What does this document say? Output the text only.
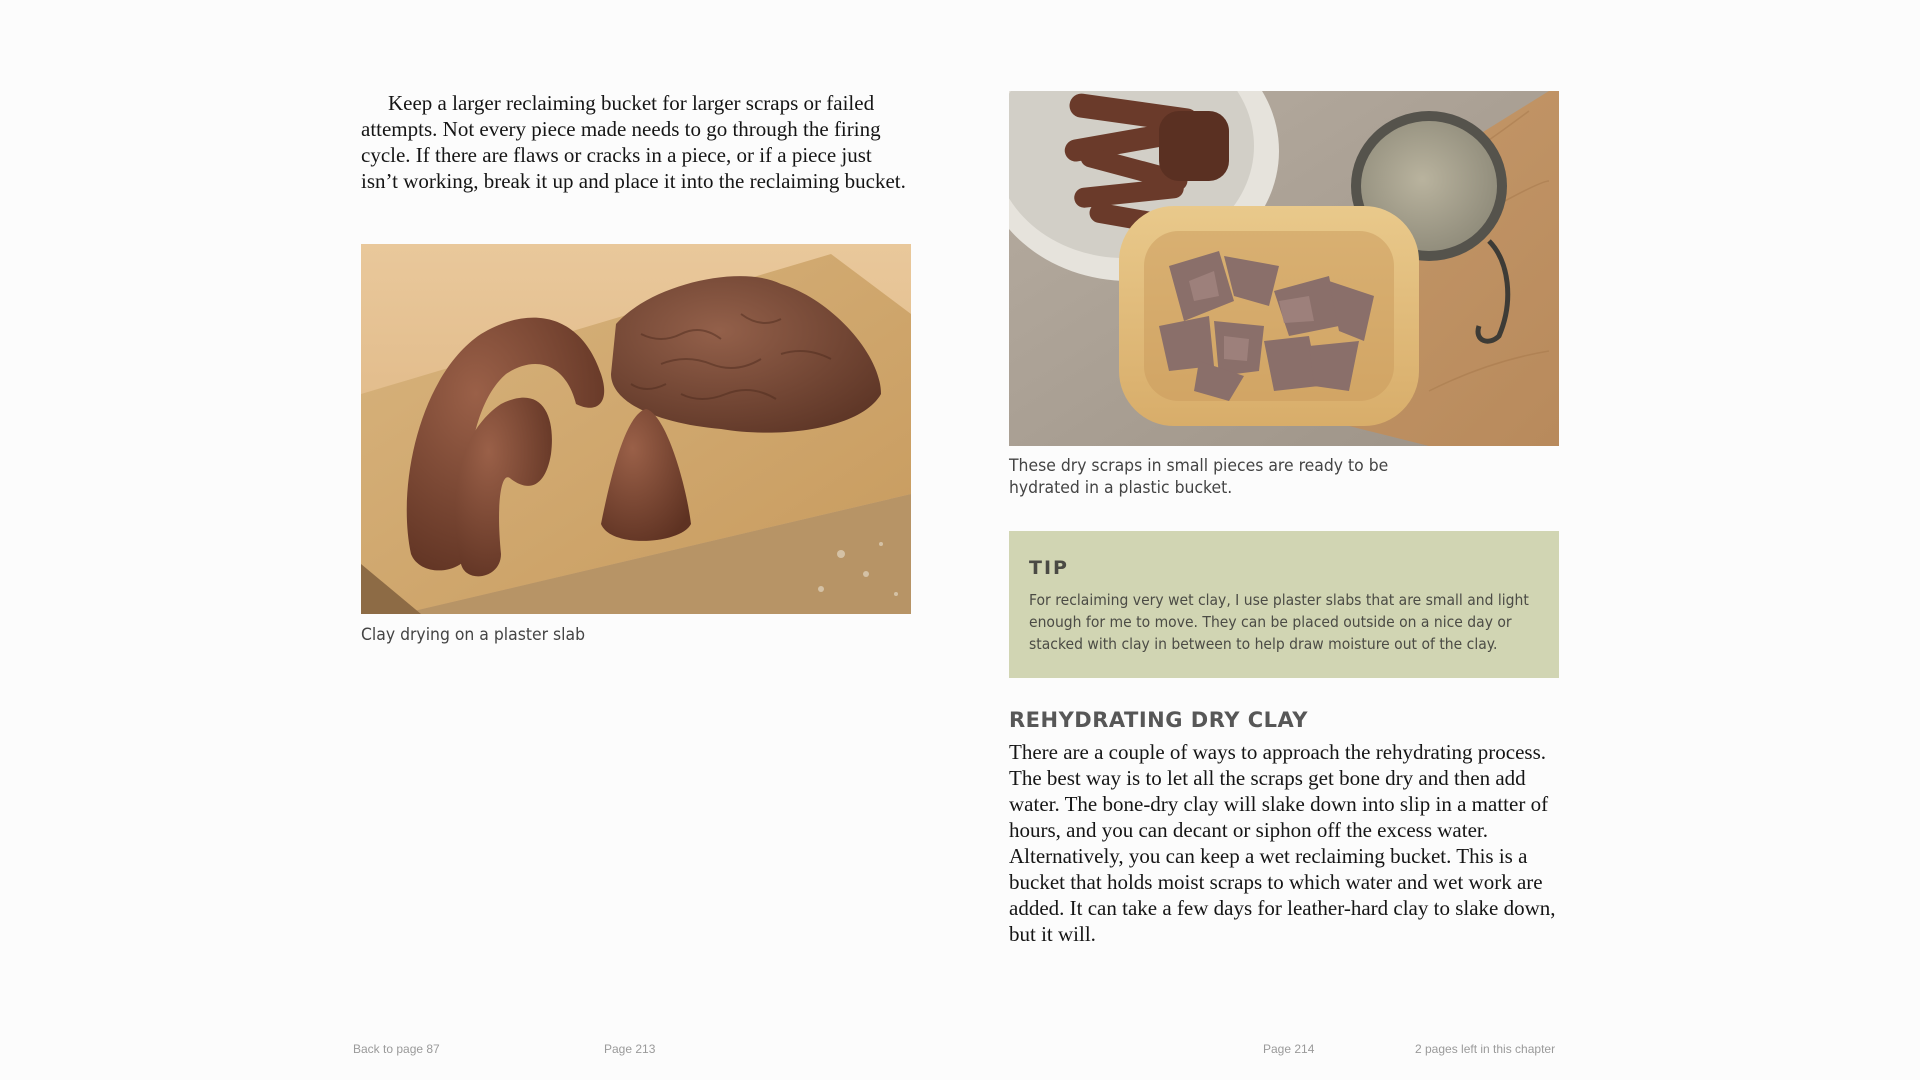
Keep a larger reclaiming bucket for larger scraps or failed attempts. Not every piece made needs to go through the firing cycle. If there are flaws or cracks in a piece, or if a piece just isn’t working, break it up and place it into the reclaiming bucket.

Clay drying on a plaster slab
These dry scraps in small pieces are ready to be hydrated in a plastic bucket.

TIP

For reclaiming very wet clay, I use plaster slabs that are small and light enough for me to move. They can be placed outside on a nice day or stacked with clay in between to help draw moisture out of the clay.

REHYDRATING DRY CLAY

There are a couple of ways to approach the rehydrating process. The best way is to let all the scraps get bone dry and then add water. The bone-dry clay will slake down into slip in a matter of hours, and you can decant or siphon off the excess water. Alternatively, you can keep a wet reclaiming bucket. This is a bucket that holds moist scraps to which water and wet work are added. It can take a few days for leather-hard clay to slake down, but it will.

Back to page 87	Page 213	Page 214	2 pages left in this chapter
